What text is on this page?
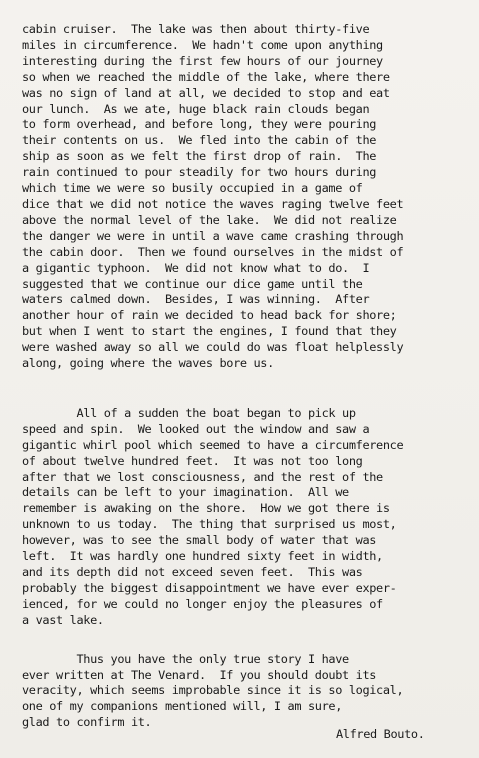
cabin cruiser.  The lake was then about thirty-five
miles in circumference.  We hadn't come upon anything
interesting during the first few hours of our journey
so when we reached the middle of the lake, where there
was no sign of land at all, we decided to stop and eat
our lunch.  As we ate, huge black rain clouds began
to form overhead, and before long, they were pouring
their contents on us.  We fled into the cabin of the
ship as soon as we felt the first drop of rain.  The
rain continued to pour steadily for two hours during
which time we were so busily occupied in a game of
dice that we did not notice the waves raging twelve feet
above the normal level of the lake.  We did not realize
the danger we were in until a wave came crashing through
the cabin door.  Then we found ourselves in the midst of
a gigantic typhoon.  We did not know what to do.  I
suggested that we continue our dice game until the
waters calmed down.  Besides, I was winning.  After
another hour of rain we decided to head back for shore;
but when I went to start the engines, I found that they
were washed away so all we could do was float helplessly
along, going where the waves bore us.
All of a sudden the boat began to pick up
speed and spin.  We looked out the window and saw a
gigantic whirl pool which seemed to have a circumference
of about twelve hundred feet.  It was not too long
after that we lost consciousness, and the rest of the
details can be left to your imagination.  All we
remember is awaking on the shore.  How we got there is
unknown to us today.  The thing that surprised us most,
however, was to see the small body of water that was
left.  It was hardly one hundred sixty feet in width,
and its depth did not exceed seven feet.  This was
probably the biggest disappointment we have ever exper-
ienced, for we could no longer enjoy the pleasures of
a vast lake.
Thus you have the only true story I have
ever written at The Venard.  If you should doubt its
veracity, which seems improbable since it is so logical,
one of my companions mentioned will, I am sure,
glad to confirm it.
Alfred Bouto.
